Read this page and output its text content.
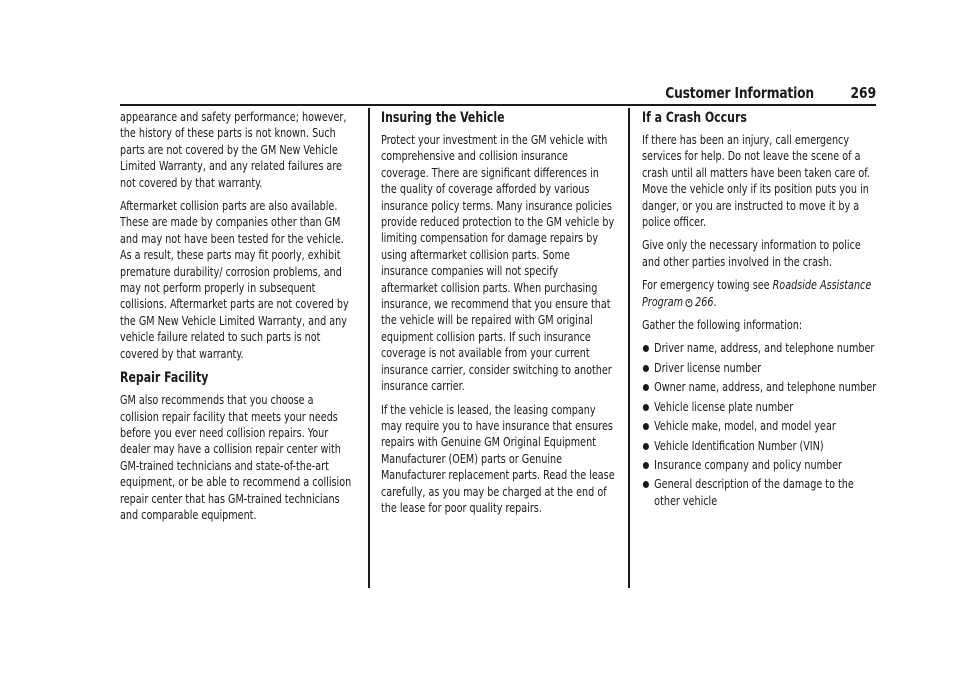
Customer Information 269

appearance and safety performance; however, the history of these parts is not known. Such parts are not covered by the GM New Vehicle Limited Warranty, and any related failures are not covered by that warranty.

Aftermarket collision parts are also available. These are made by companies other than GM and may not have been tested for the vehicle. As a result, these parts may fit poorly, exhibit premature durability/ corrosion problems, and may not perform properly in subsequent collisions. Aftermarket parts are not covered by the GM New Vehicle Limited Warranty, and any vehicle failure related to such parts is not covered by that warranty.

Repair Facility

GM also recommends that you choose a collision repair facility that meets your needs before you ever need collision repairs. Your dealer may have a collision repair center with GM-trained technicians and state-of-the-art equipment, or be able to recommend a collision repair center that has GM-trained technicians and comparable equipment.

Insuring the Vehicle

Protect your investment in the GM vehicle with comprehensive and collision insurance coverage. There are significant differences in the quality of coverage afforded by various insurance policy terms. Many insurance policies provide reduced protection to the GM vehicle by limiting compensation for damage repairs by using aftermarket collision parts. Some insurance companies will not specify aftermarket collision parts. When purchasing insurance, we recommend that you ensure that the vehicle will be repaired with GM original equipment collision parts. If such insurance coverage is not available from your current insurance carrier, consider switching to another insurance carrier.

If the vehicle is leased, the leasing company may require you to have insurance that ensures repairs with Genuine GM Original Equipment Manufacturer (OEM) parts or Genuine Manufacturer replacement parts. Read the lease carefully, as you may be charged at the end of the lease for poor quality repairs.

If a Crash Occurs

If there has been an injury, call emergency services for help. Do not leave the scene of a crash until all matters have been taken care of. Move the vehicle only if its position puts you in danger, or you are instructed to move it by a police officer.

Give only the necessary information to police and other parties involved in the crash.

For emergency towing see Roadside Assistance Program 266.

Gather the following information:

Driver name, address, and telephone number
Driver license number
Owner name, address, and telephone number
Vehicle license plate number
Vehicle make, model, and model year
Vehicle Identification Number (VIN)
Insurance company and policy number
General description of the damage to the other vehicle
